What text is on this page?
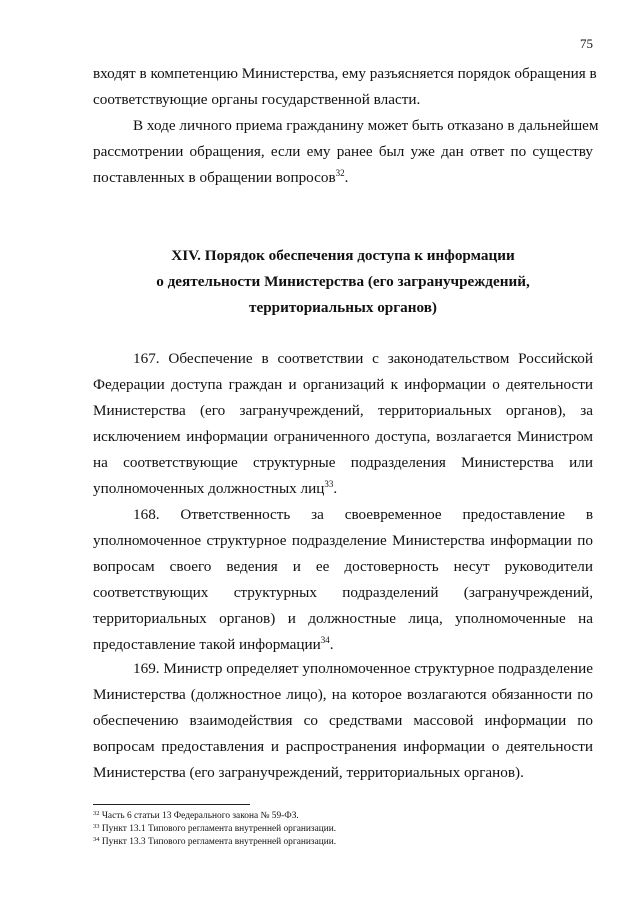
75
входят в компетенцию Министерства, ему разъясняется порядок обращения в
соответствующие органы государственной власти.
В ходе личного приема гражданину может быть отказано в дальнейшем
рассмотрении обращения, если ему ранее был уже дан ответ по существу
поставленных в обращении вопросов$^{32}$.
XIV. Порядок обеспечения доступа к информации
о деятельности Министерства (его загранучреждений,
территориальных органов)
167. Обеспечение в соответствии с законодательством Российской
Федерации доступа граждан и организаций к информации о деятельности
Министерства (его загранучреждений, территориальных органов), за
исключением информации ограниченного доступа, возлагается Министром
на соответствующие структурные подразделения Министерства или
уполномоченных должностных лиц$^{33}$.
168. Ответственность за своевременное предоставление в
уполномоченное структурное подразделение Министерства информации по
вопросам своего ведения и ее достоверность несут руководители
соответствующих структурных подразделений (загранучреждений,
территориальных органов) и должностные лица, уполномоченные на
предоставление такой информации$^{34}$.
169. Министр определяет уполномоченное структурное подразделение
Министерства (должностное лицо), на которое возлагаются обязанности по
обеспечению взаимодействия со средствами массовой информации по
вопросам предоставления и распространения информации о деятельности
Министерства (его загранучреждений, территориальных органов).
$^{32}$ Часть 6 статьи 13 Федерального закона № 59-ФЗ.
$^{33}$ Пункт 13.1 Типового регламента внутренней организации.
$^{34}$ Пункт 13.3 Типового регламента внутренней организации.
